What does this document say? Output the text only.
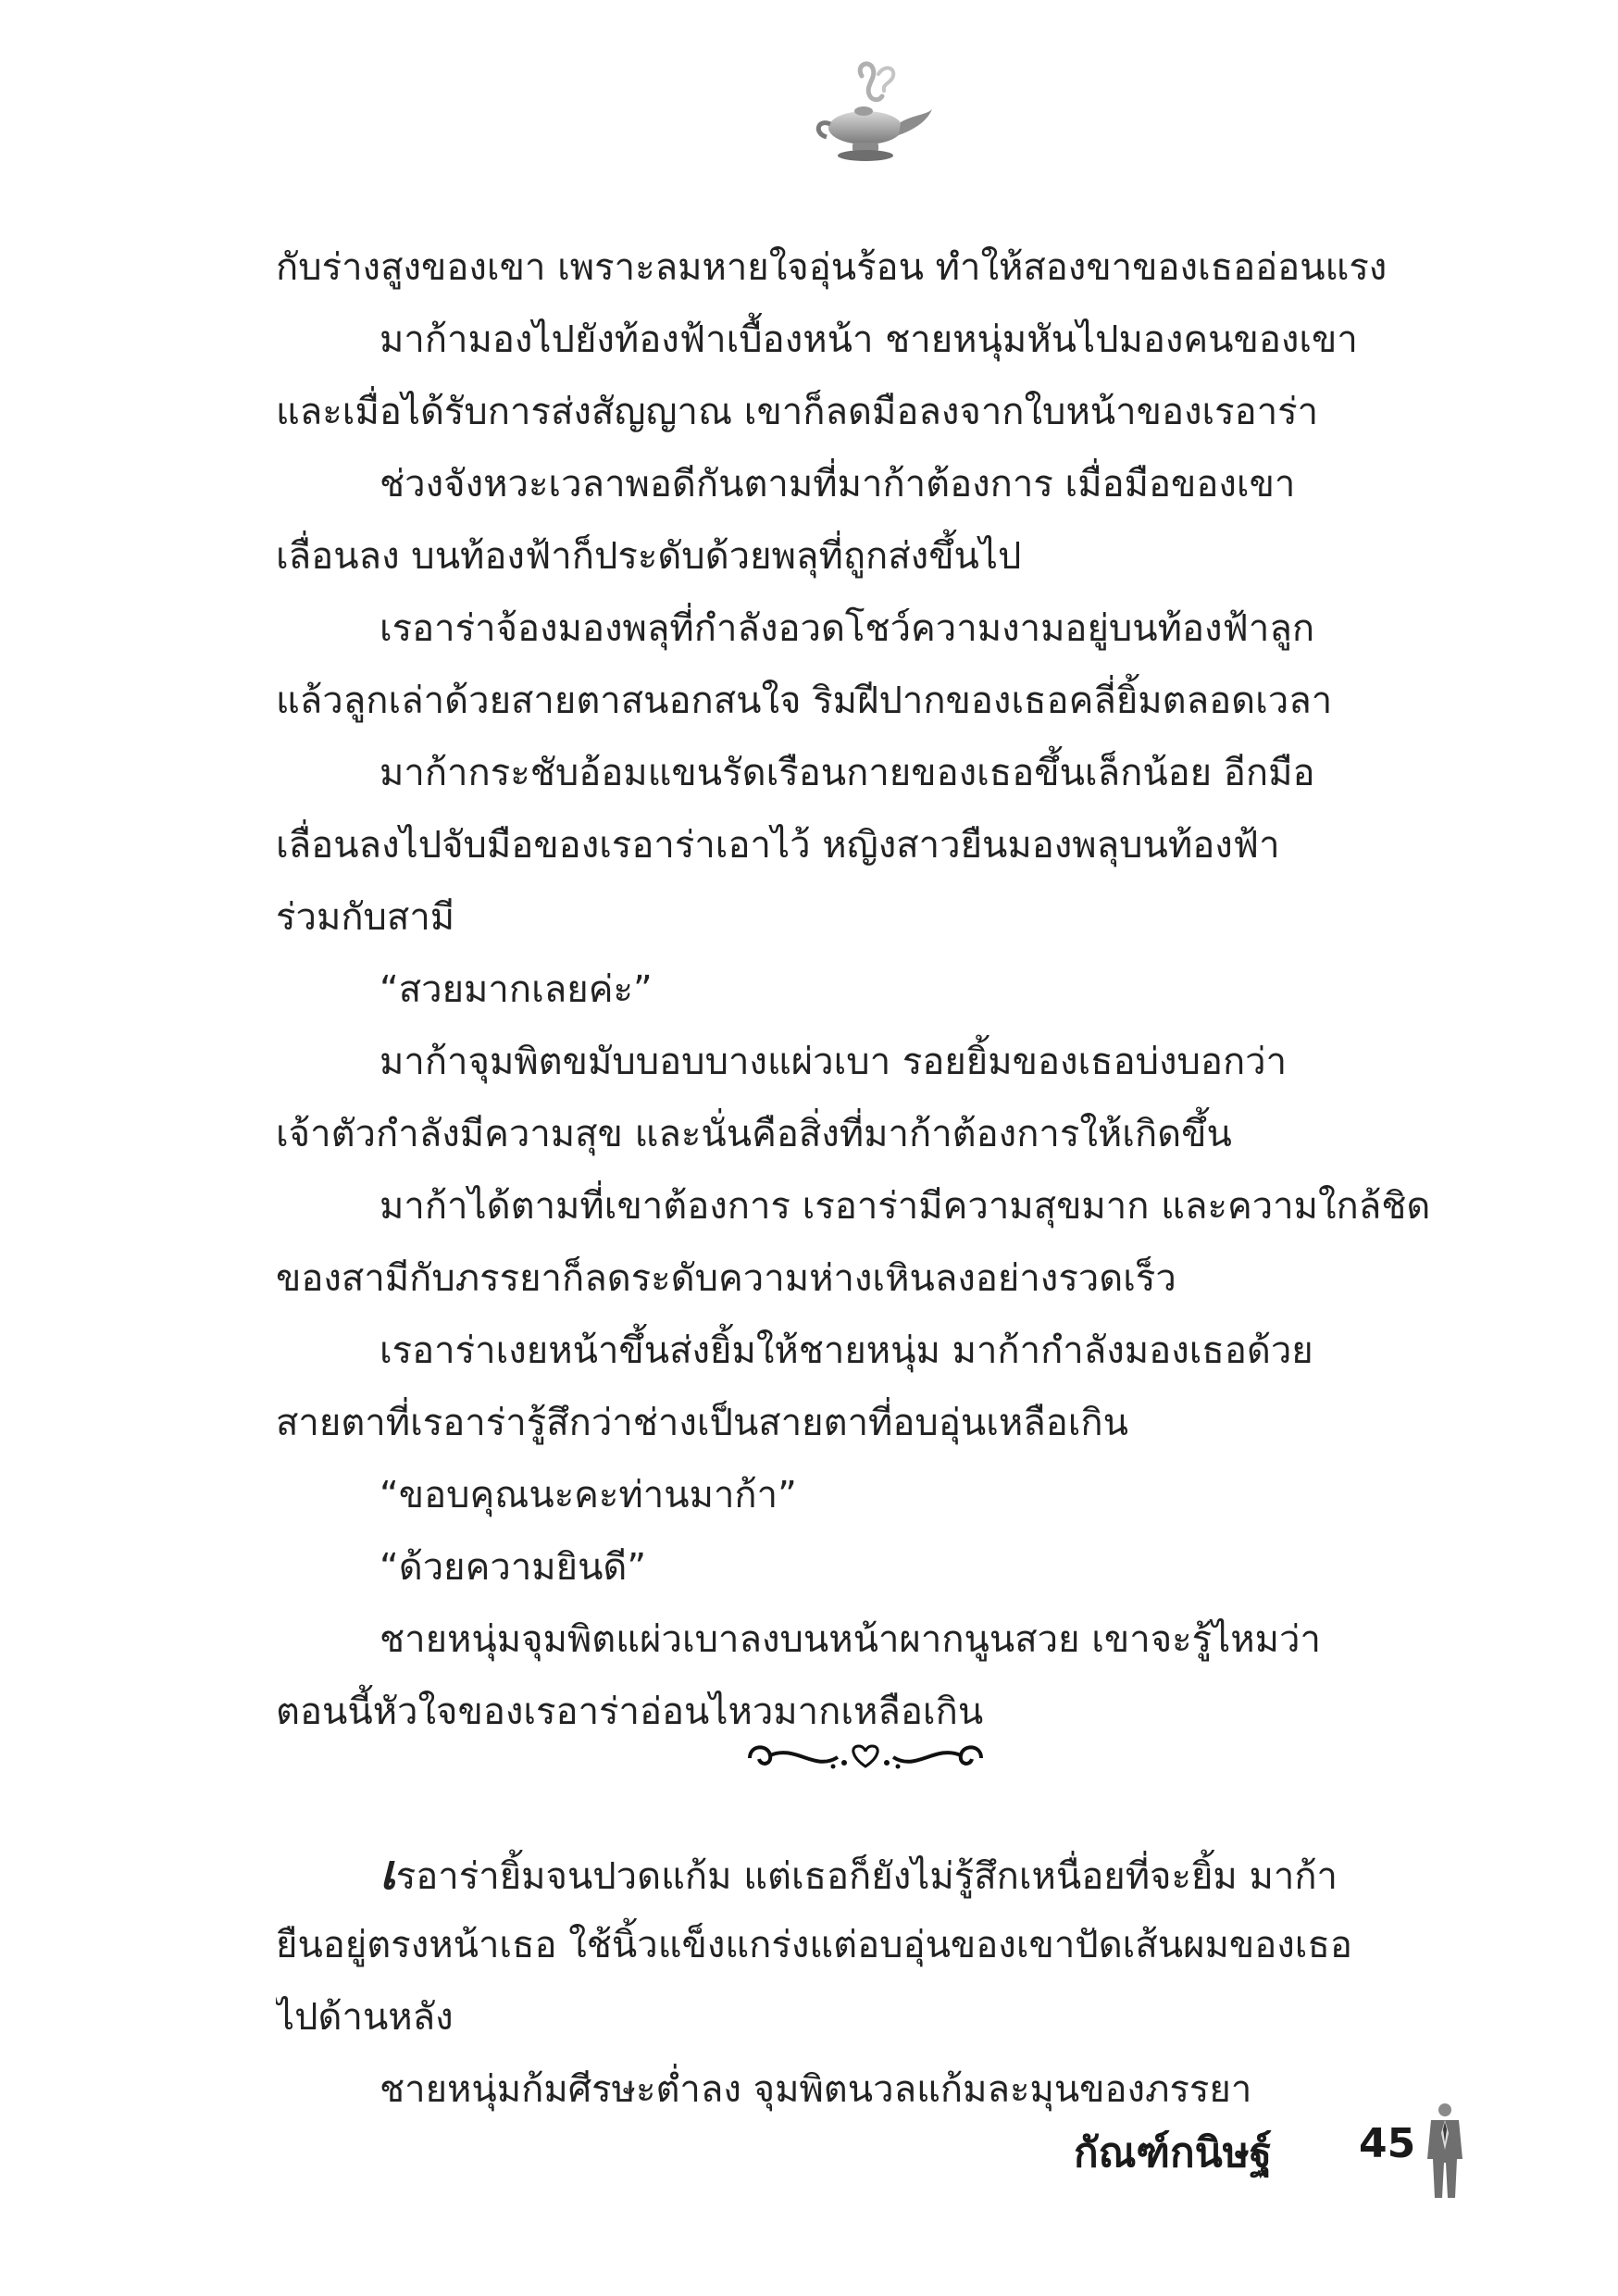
กับร่างสูงของเขา เพราะลมหายใจอุ่นร้อน ทำให้สองขาของเธออ่อนแรง
มาก้ามองไปยังท้องฟ้าเบื้องหน้า ชายหนุ่มหันไปมองคนของเขา
และเมื่อได้รับการส่งสัญญาณ เขาก็ลดมือลงจากใบหน้าของเรอาร่า
ช่วงจังหวะเวลาพอดีกันตามที่มาก้าต้องการ เมื่อมือของเขา
เลื่อนลง บนท้องฟ้าก็ประดับด้วยพลุที่ถูกส่งขึ้นไป
เรอาร่าจ้องมองพลุที่กำลังอวดโชว์ความงามอยู่บนท้องฟ้าลูก
แล้วลูกเล่าด้วยสายตาสนอกสนใจ ริมฝีปากของเธอคลี่ยิ้มตลอดเวลา
มาก้ากระชับอ้อมแขนรัดเรือนกายของเธอขึ้นเล็กน้อย อีกมือ
เลื่อนลงไปจับมือของเรอาร่าเอาไว้ หญิงสาวยืนมองพลุบนท้องฟ้า
ร่วมกับสามี
“สวยมากเลยค่ะ”
มาก้าจุมพิตขมับบอบบางแผ่วเบา รอยยิ้มของเธอบ่งบอกว่า
เจ้าตัวกำลังมีความสุข และนั่นคือสิ่งที่มาก้าต้องการให้เกิดขึ้น
มาก้าได้ตามที่เขาต้องการ เรอาร่ามีความสุขมาก และความใกล้ชิด
ของสามีกับภรรยาก็ลดระดับความห่างเหินลงอย่างรวดเร็ว
เรอาร่าเงยหน้าขึ้นส่งยิ้มให้ชายหนุ่ม มาก้ากำลังมองเธอด้วย
สายตาที่เรอาร่ารู้สึกว่าช่างเป็นสายตาที่อบอุ่นเหลือเกิน
“ขอบคุณนะคะท่านมาก้า”
“ด้วยความยินดี”
ชายหนุ่มจุมพิตแผ่วเบาลงบนหน้าผากนูนสวย เขาจะรู้ไหมว่า
ตอนนี้หัวใจของเรอาร่าอ่อนไหวมากเหลือเกิน
เรอาร่ายิ้มจนปวดแก้ม แต่เธอก็ยังไม่รู้สึกเหนื่อยที่จะยิ้ม มาก้า
ยืนอยู่ตรงหน้าเธอ ใช้นิ้วแข็งแกร่งแต่อบอุ่นของเขาปัดเส้นผมของเธอ
ไปด้านหลัง
ชายหนุ่มก้มศีรษะต่ำลง จุมพิตนวลแก้มละมุนของภรรยา
กัณฑ์กนิษฐ์ 45
